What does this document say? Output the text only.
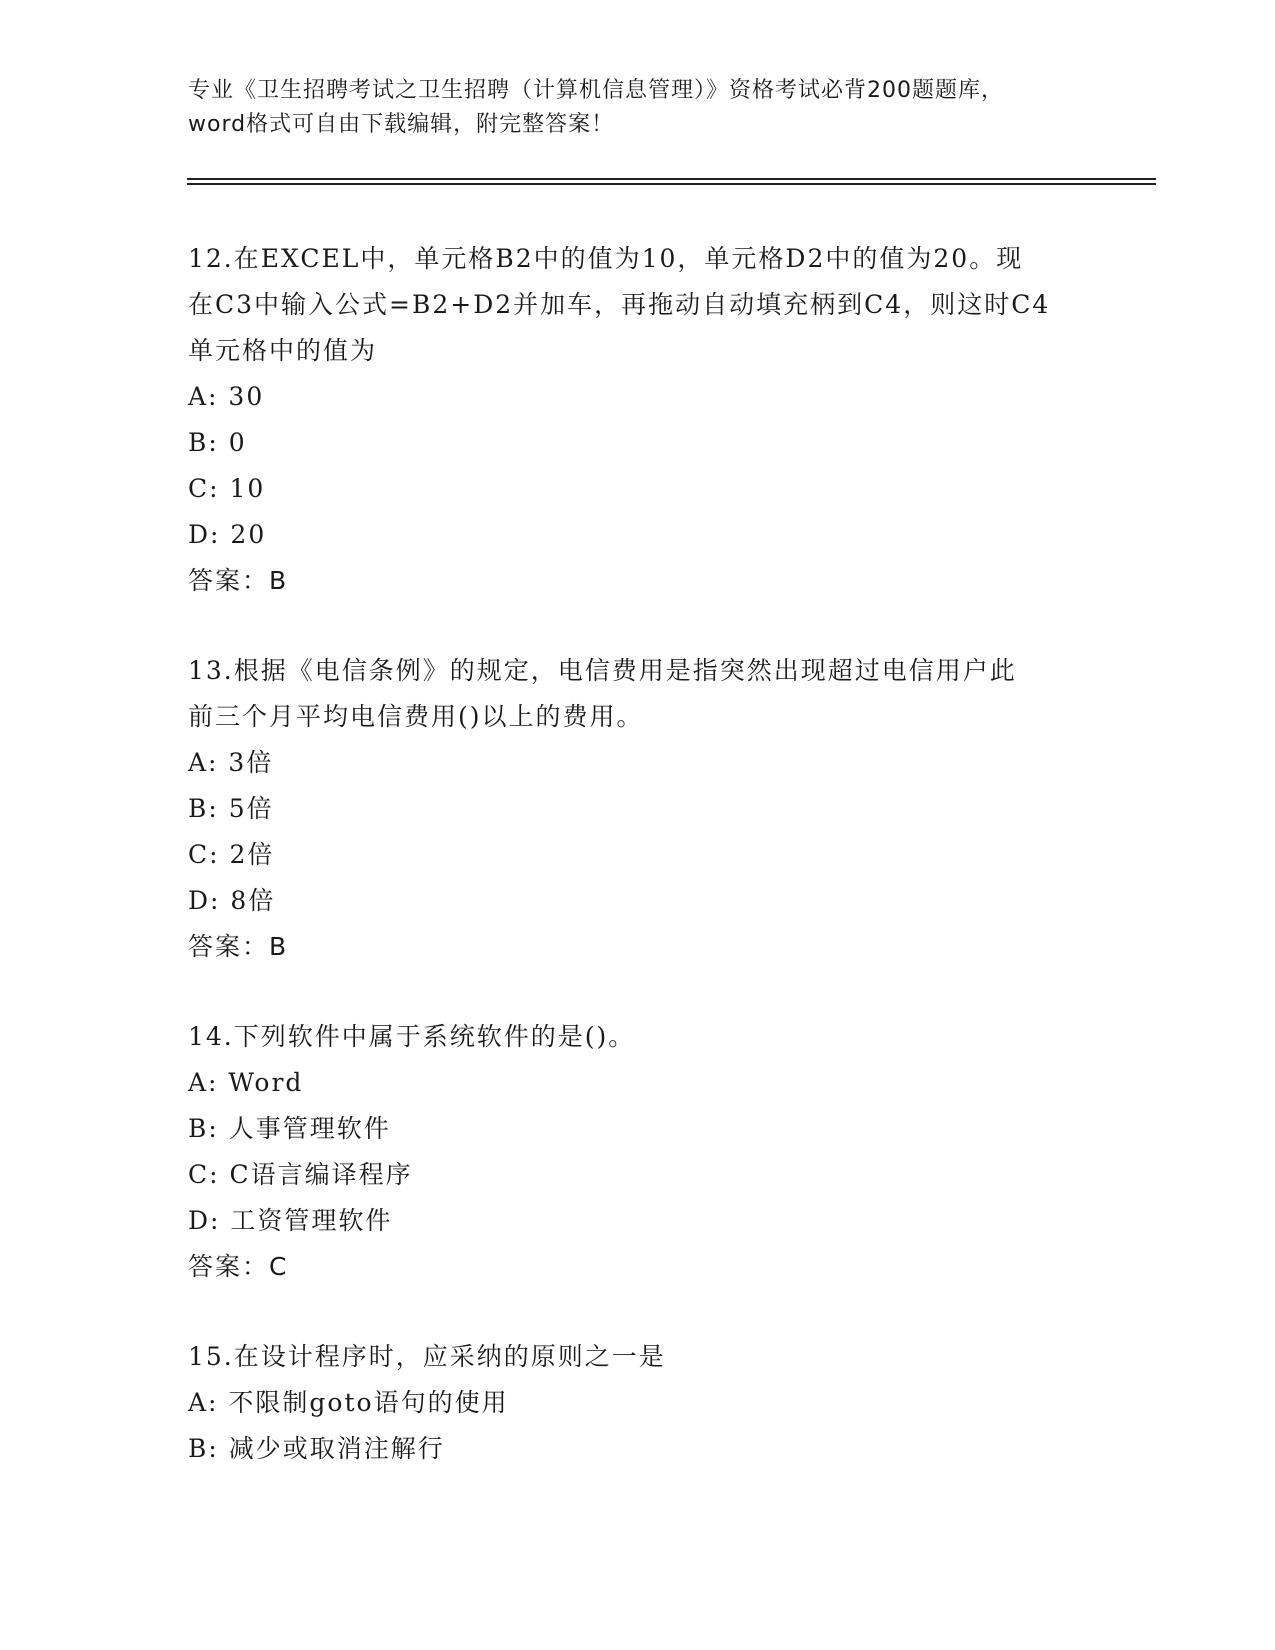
专业《卫生招聘考试之卫生招聘（计算机信息管理）》资格考试必背200题题库，
word格式可自由下载编辑，附完整答案！
12.在EXCEL中，单元格B2中的值为10，单元格D2中的值为20。现
在C3中输入公式=B2+D2并加车，再拖动自动填充柄到C4，则这时C4
单元格中的值为
A: 30
B: 0
C: 10
D: 20
答案：B
13.根据《电信条例》的规定，电信费用是指突然出现超过电信用户此
前三个月平均电信费用()以上的费用。
A: 3倍
B: 5倍
C: 2倍
D: 8倍
答案：B
14.下列软件中属于系统软件的是()。
A: Word
B: 人事管理软件
C: C语言编译程序
D: 工资管理软件
答案：C
15.在设计程序时，应采纳的原则之一是
A: 不限制goto语句的使用
B: 减少或取消注解行
